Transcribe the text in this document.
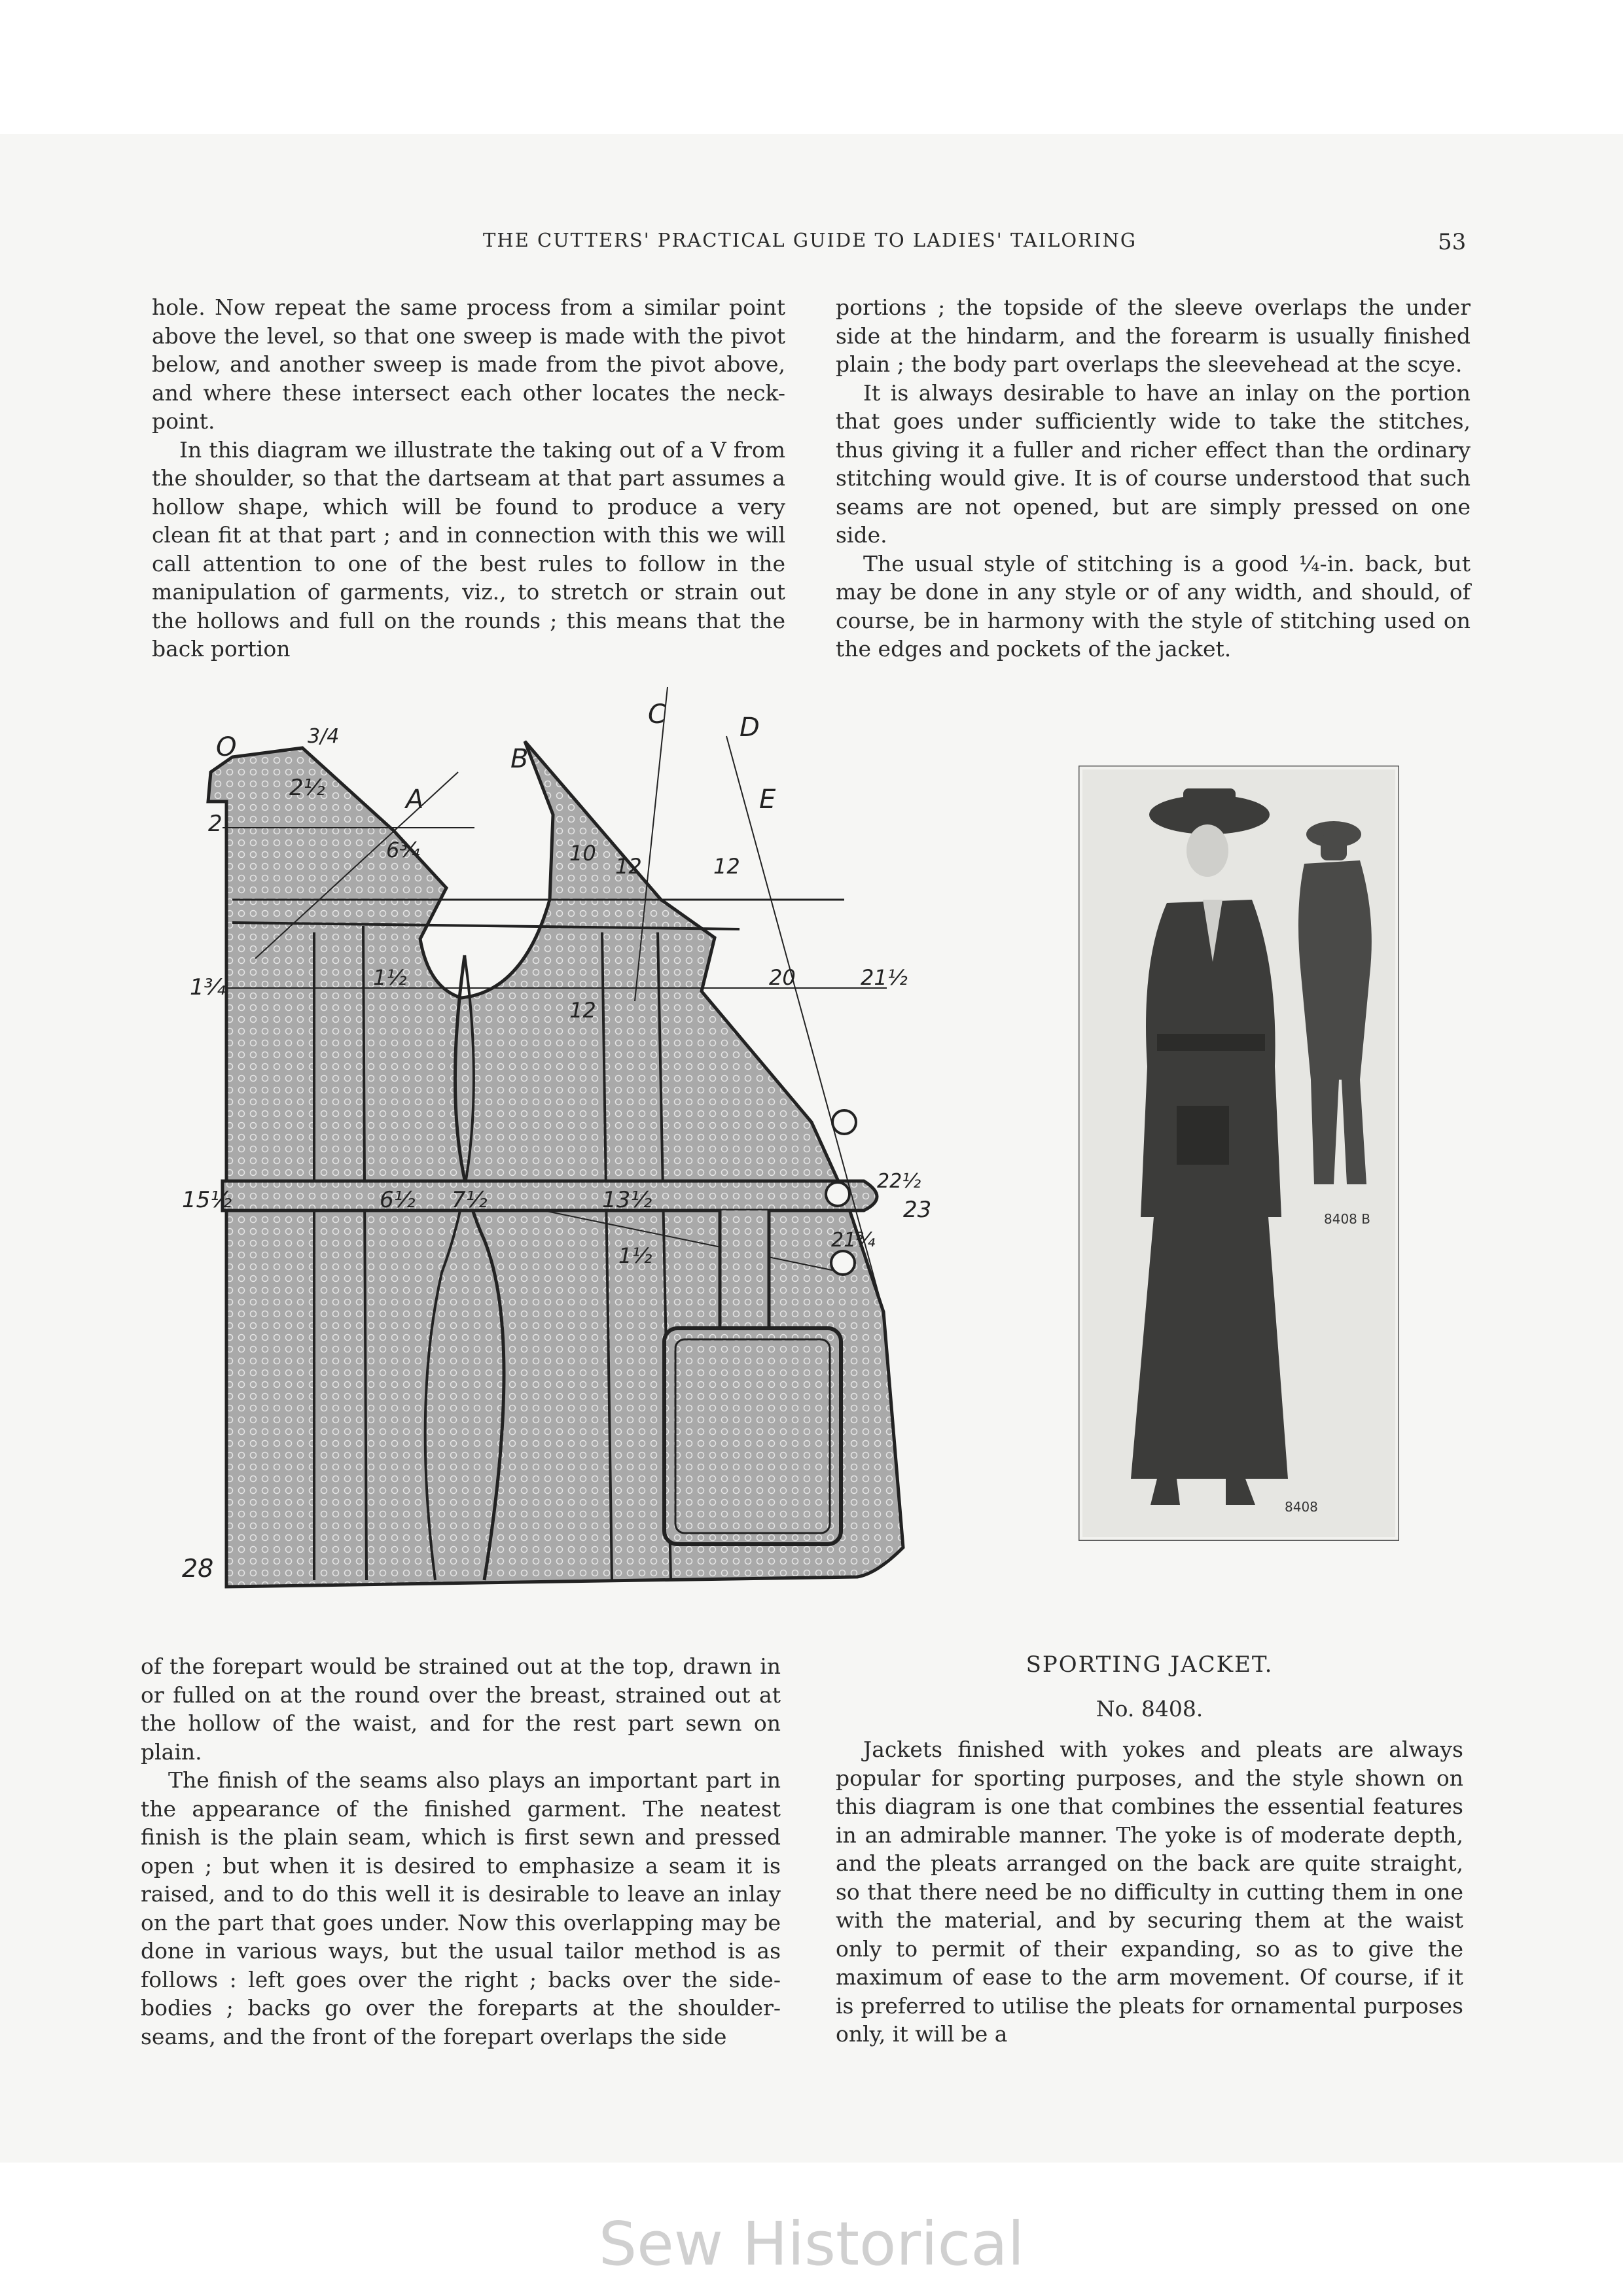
THE CUTTERS' PRACTICAL GUIDE TO LADIES' TAILORING	53

hole. Now repeat the same process from a similar point above the level, so that one sweep is made with the pivot below, and another sweep is made from the pivot above, and where these intersect each other locates the neck-point.

In this diagram we illustrate the taking out of a V from the shoulder, so that the dartseam at that part assumes a hollow shape, which will be found to produce a very clean fit at that part ; and in connection with this we will call attention to one of the best rules to follow in the manipulation of garments, viz., to stretch or strain out the hollows and full on the rounds ; this means that the back portion

portions ; the topside of the sleeve overlaps the under side at the hindarm, and the forearm is usually finished plain ; the body part overlaps the sleevehead at the scye.

It is always desirable to have an inlay on the portion that goes under sufficiently wide to take the stitches, thus giving it a fuller and richer effect than the ordinary stitching would give. It is of course understood that such seams are not opened, but are simply pressed on one side.

The usual style of stitching is a good ¼-in. back, but may be done in any style or of any width, and should, of course, be in harmony with the style of stitching used on the edges and pockets of the jacket.

O	3/4
2½	A
B
C	D
E
2
6¾	10
12	12
1¾	1½
12
20	21½
15½	6½ 7½	13½
1½
22½
23
21¾
28
8408
8408 B

of the forepart would be strained out at the top, drawn in or fulled on at the round over the breast, strained out at the hollow of the waist, and for the rest part sewn on plain.

The finish of the seams also plays an important part in the appearance of the finished garment. The neatest finish is the plain seam, which is first sewn and pressed open ; but when it is desired to emphasize a seam it is raised, and to do this well it is desirable to leave an inlay on the part that goes under. Now this overlapping may be done in various ways, but the usual tailor method is as follows : left goes over the right ; backs over the side-bodies ; backs go over the foreparts at the shoulder-seams, and the front of the forepart overlaps the side

SPORTING JACKET.
No. 8408.

Jackets finished with yokes and pleats are always popular for sporting purposes, and the style shown on this diagram is one that combines the essential features in an admirable manner. The yoke is of moderate depth, and the pleats arranged on the back are quite straight, so that there need be no difficulty in cutting them in one with the material, and by securing them at the waist only to permit of their expanding, so as to give the maximum of ease to the arm movement. Of course, if it is preferred to utilise the pleats for ornamental purposes only, it will be a

Sew Historical
